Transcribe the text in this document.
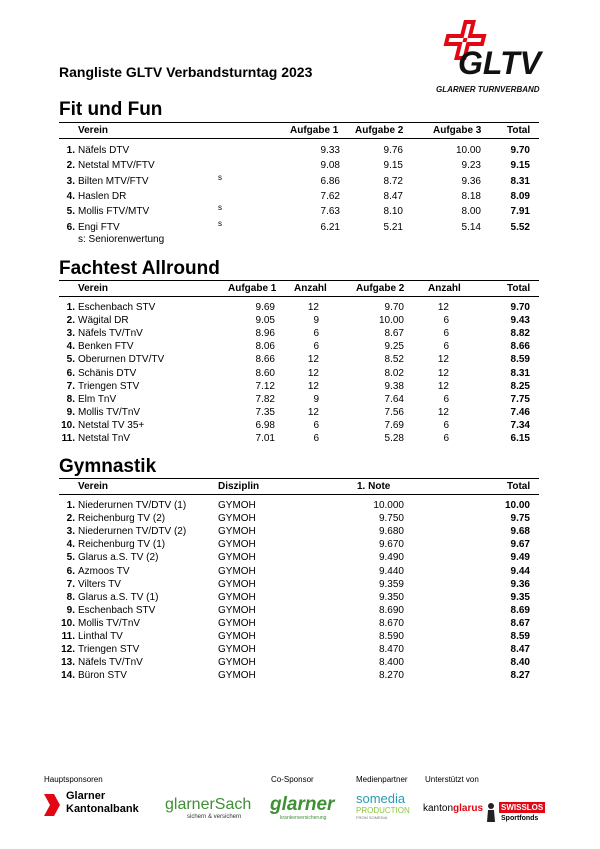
Rangliste GLTV Verbandsturntag 2023	GLTV
GLARNER TURNVERBAND
Fit und Fun
Verein	Aufgabe 1 Aufgabe 2	Aufgabe 3	Total
1. Näfels DTV	9.33	9.76	10.00	9.70
2. Netstal MTV/FTV	9.08	9.15	9.23	9.15
3. Bilten MTV/FTV	s	6.86	8.72	9.36	8.31
4. Haslen DR	7.62	8.47	8.18	8.09
5. Mollis FTV/MTV	s	7.63	8.10	8.00	7.91
6. Engi FTV	s	6.21	5.21	5.14	5.52
s: Seniorenwertung
Fachtest Allround
Verein	Aufgabe 1 Anzahl	Aufgabe 2 Anzahl	Total
1. Eschenbach STV	9.69	12	9.70	12	9.70
2. Wägital DR	9.05	9	10.00	6	9.43
3. Näfels TV/TnV	8.96	6	8.67	6	8.82
4. Benken FTV	8.06	6	9.25	6	8.66
5. Oberurnen DTV/TV	8.66	12	8.52	12	8.59
6. Schänis DTV	8.60	12	8.02	12	8.31
7. Triengen STV	7.12	12	9.38	12	8.25
8. Elm TnV	7.82	9	7.64	6	7.75
9. Mollis TV/TnV	7.35	12	7.56	12	7.46
10. Netstal TV 35+	6.98	6	7.69	6	7.34
11. Netstal TnV	7.01	6	5.28	6	6.15
Gymnastik
Verein	Disziplin	1. Note	Total
1. Niederurnen TV/DTV (1)	GYMOH	10.000	10.00
2. Reichenburg TV (2)	GYMOH	9.750	9.75
3. Niederurnen TV/DTV (2)	GYMOH	9.680	9.68
4. Reichenburg TV (1)	GYMOH	9.670	9.67
5. Glarus a.S. TV (2)	GYMOH	9.490	9.49
6. Azmoos TV	GYMOH	9.440	9.44
7. Vilters TV	GYMOH	9.359	9.36
8. Glarus a.S. TV (1)	GYMOH	9.350	9.35
9. Eschenbach STV	GYMOH	8.690	8.69
10. Mollis TV/TnV	GYMOH	8.670	8.67
11. Linthal TV	GYMOH	8.590	8.59
12. Triengen STV	GYMOH	8.470	8.47
13. Näfels TV/TnV	GYMOH	8.400	8.40
14. Büron STV	GYMOH	8.270	8.27
Hauptsponsoren	Co-Sponsor	Medienpartner Unterstützt von
Glarner
Kantonalbank glarnerSach
sichern & versichern
glarner
krankenversicherung
somedia
PRODUCTION
FROM SOMEDIA
kantonglarus SWISSLOS
Sportfonds
